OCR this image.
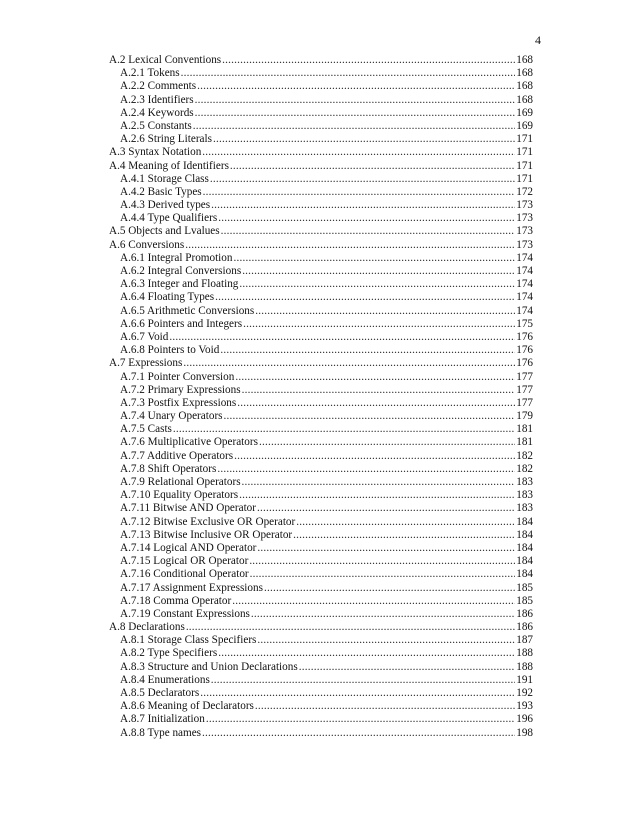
4
A.2 Lexical Conventions .....	168
A.2.1 Tokens .....	168
A.2.2 Comments .....	168
A.2.3 Identifiers .....	168
A.2.4 Keywords .....	169
A.2.5 Constants .....	169
A.2.6 String Literals .....	171
A.3 Syntax Notation .....	171
A.4 Meaning of Identifiers .....	171
A.4.1 Storage Class .....	171
A.4.2 Basic Types .....	172
A.4.3 Derived types .....	173
A.4.4 Type Qualifiers .....	173
A.5 Objects and Lvalues .....	173
A.6 Conversions .....	173
A.6.1 Integral Promotion .....	174
A.6.2 Integral Conversions .....	174
A.6.3 Integer and Floating .....	174
A.6.4 Floating Types .....	174
A.6.5 Arithmetic Conversions .....	174
A.6.6 Pointers and Integers .....	175
A.6.7 Void .....	176
A.6.8 Pointers to Void .....	176
A.7 Expressions .....	176
A.7.1 Pointer Conversion .....	177
A.7.2 Primary Expressions .....	177
A.7.3 Postfix Expressions .....	177
A.7.4 Unary Operators .....	179
A.7.5 Casts .....	181
A.7.6 Multiplicative Operators .....	181
A.7.7 Additive Operators .....	182
A.7.8 Shift Operators .....	182
A.7.9 Relational Operators .....	183
A.7.10 Equality Operators .....	183
A.7.11 Bitwise AND Operator .....	183
A.7.12 Bitwise Exclusive OR Operator .....	184
A.7.13 Bitwise Inclusive OR Operator .....	184
A.7.14 Logical AND Operator .....	184
A.7.15 Logical OR Operator .....	184
A.7.16 Conditional Operator .....	184
A.7.17 Assignment Expressions .....	185
A.7.18 Comma Operator .....	185
A.7.19 Constant Expressions .....	186
A.8 Declarations .....	186
A.8.1 Storage Class Specifiers .....	187
A.8.2 Type Specifiers .....	188
A.8.3 Structure and Union Declarations .....	188
A.8.4 Enumerations .....	191
A.8.5 Declarators .....	192
A.8.6 Meaning of Declarators .....	193
A.8.7 Initialization .....	196
A.8.8 Type names .....	198
